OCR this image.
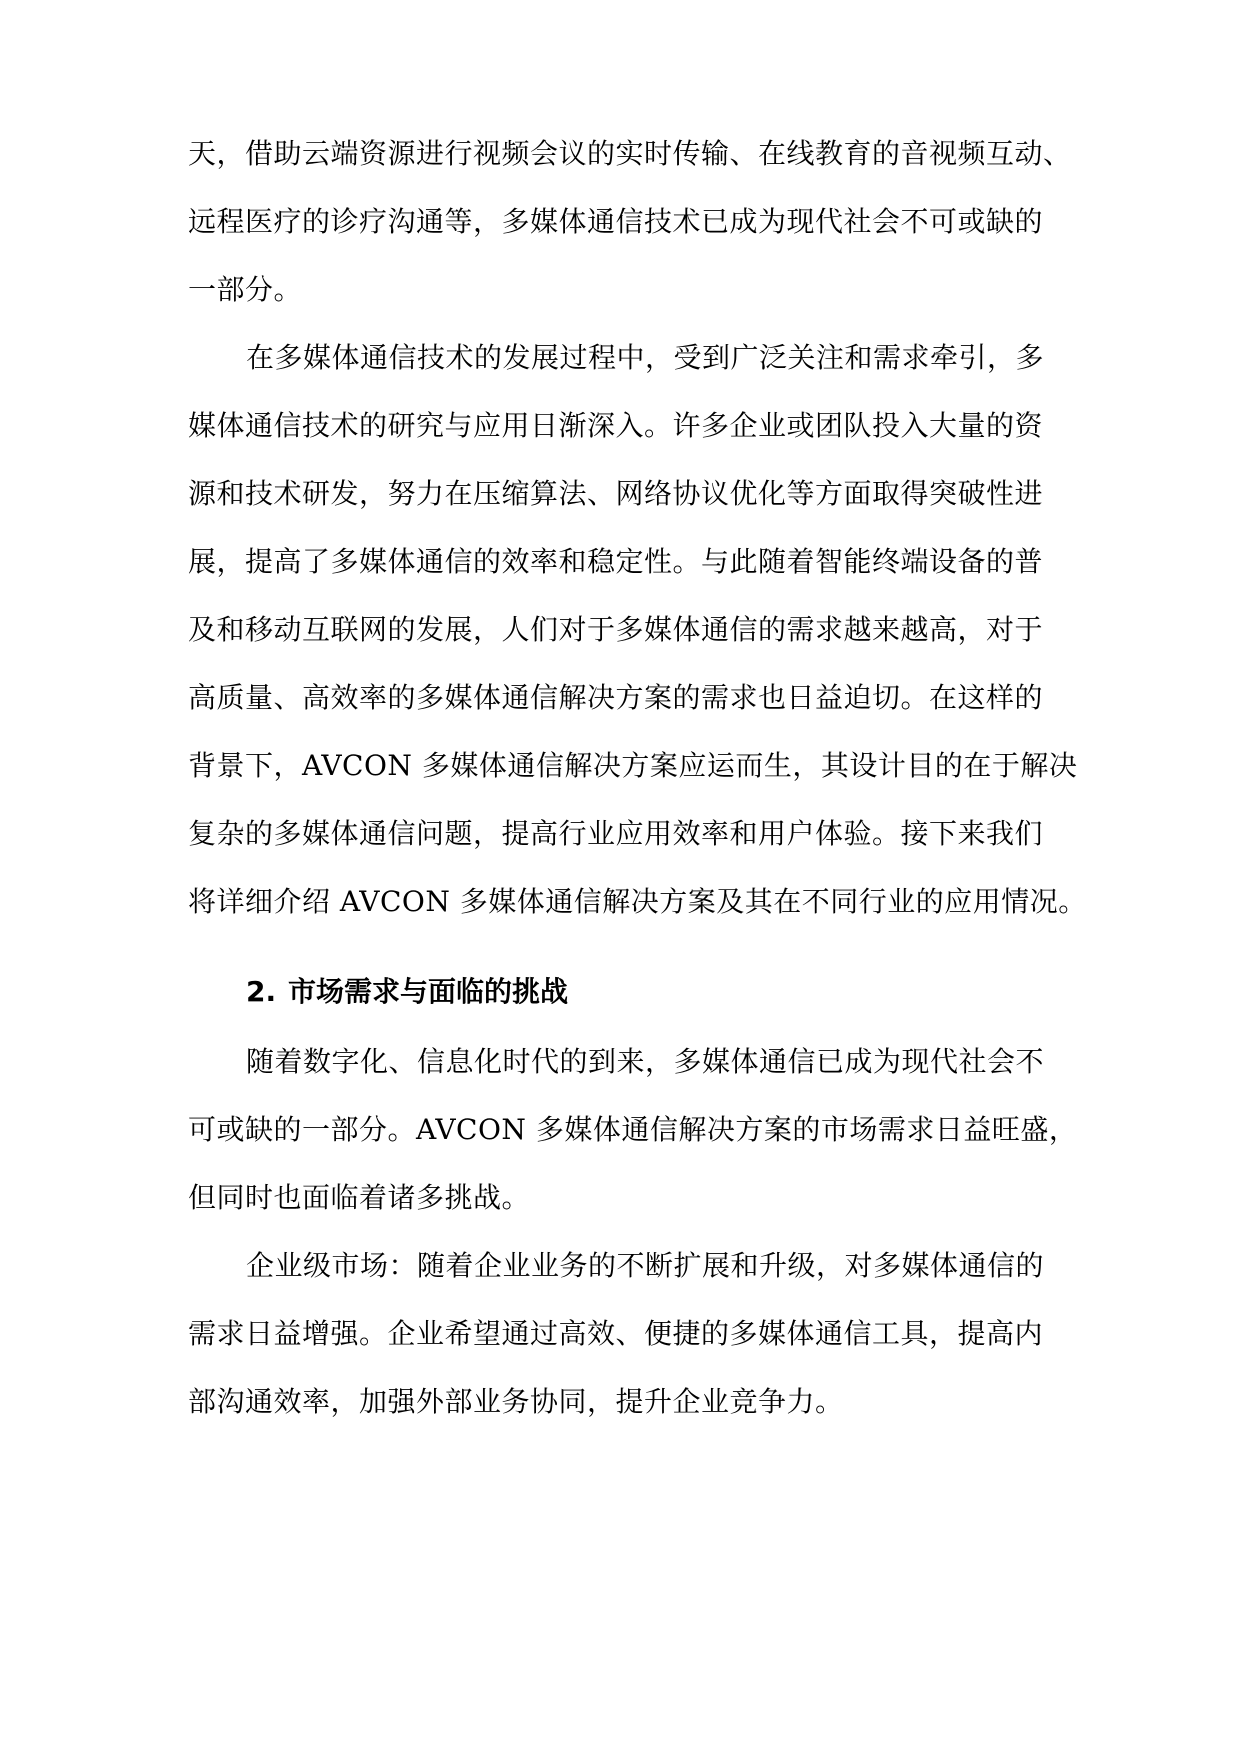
天，借助云端资源进行视频会议的实时传输、在线教育的音视频互动、
远程医疗的诊疗沟通等，多媒体通信技术已成为现代社会不可或缺的
一部分。
在多媒体通信技术的发展过程中，受到广泛关注和需求牵引，多
媒体通信技术的研究与应用日渐深入。许多企业或团队投入大量的资
源和技术研发，努力在压缩算法、网络协议优化等方面取得突破性进
展，提高了多媒体通信的效率和稳定性。与此随着智能终端设备的普
及和移动互联网的发展，人们对于多媒体通信的需求越来越高，对于
高质量、高效率的多媒体通信解决方案的需求也日益迫切。在这样的
背景下，AVCON 多媒体通信解决方案应运而生，其设计目的在于解决
复杂的多媒体通信问题，提高行业应用效率和用户体验。接下来我们
将详细介绍 AVCON 多媒体通信解决方案及其在不同行业的应用情况。
2. 市场需求与面临的挑战
随着数字化、信息化时代的到来，多媒体通信已成为现代社会不
可或缺的一部分。AVCON 多媒体通信解决方案的市场需求日益旺盛，
但同时也面临着诸多挑战。
企业级市场：随着企业业务的不断扩展和升级，对多媒体通信的
需求日益增强。企业希望通过高效、便捷的多媒体通信工具，提高内
部沟通效率，加强外部业务协同，提升企业竞争力。
